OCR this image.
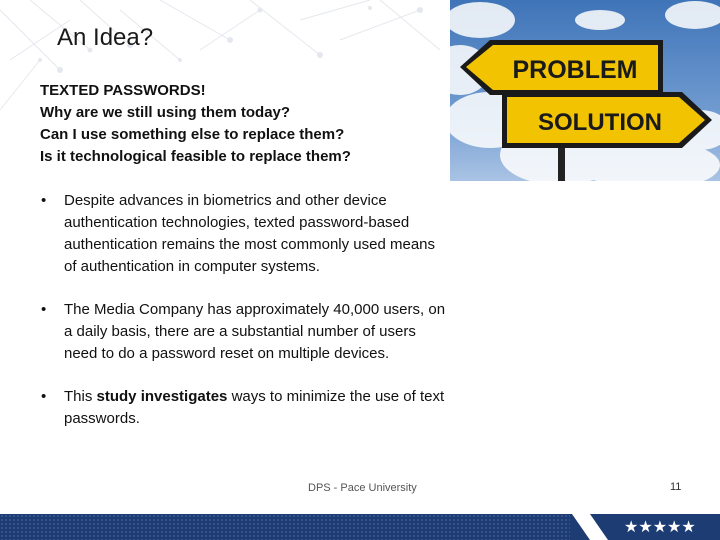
An Idea?
TEXTED PASSWORDS!
Why are we still using them today?
Can I use something else to replace them?
Is it technological feasible to replace them?
• Despite advances in biometrics and other device authentication technologies, texted password-based authentication remains the most commonly used means of authentication in computer systems.
• The Media Company has approximately 40,000 users, on a daily basis, there are a substantial number of users need to do a password reset on multiple devices.
• This study investigates ways to minimize the use of text passwords.
PROBLEM
SOLUTION
DPS - Pace University	11
★★★★★
